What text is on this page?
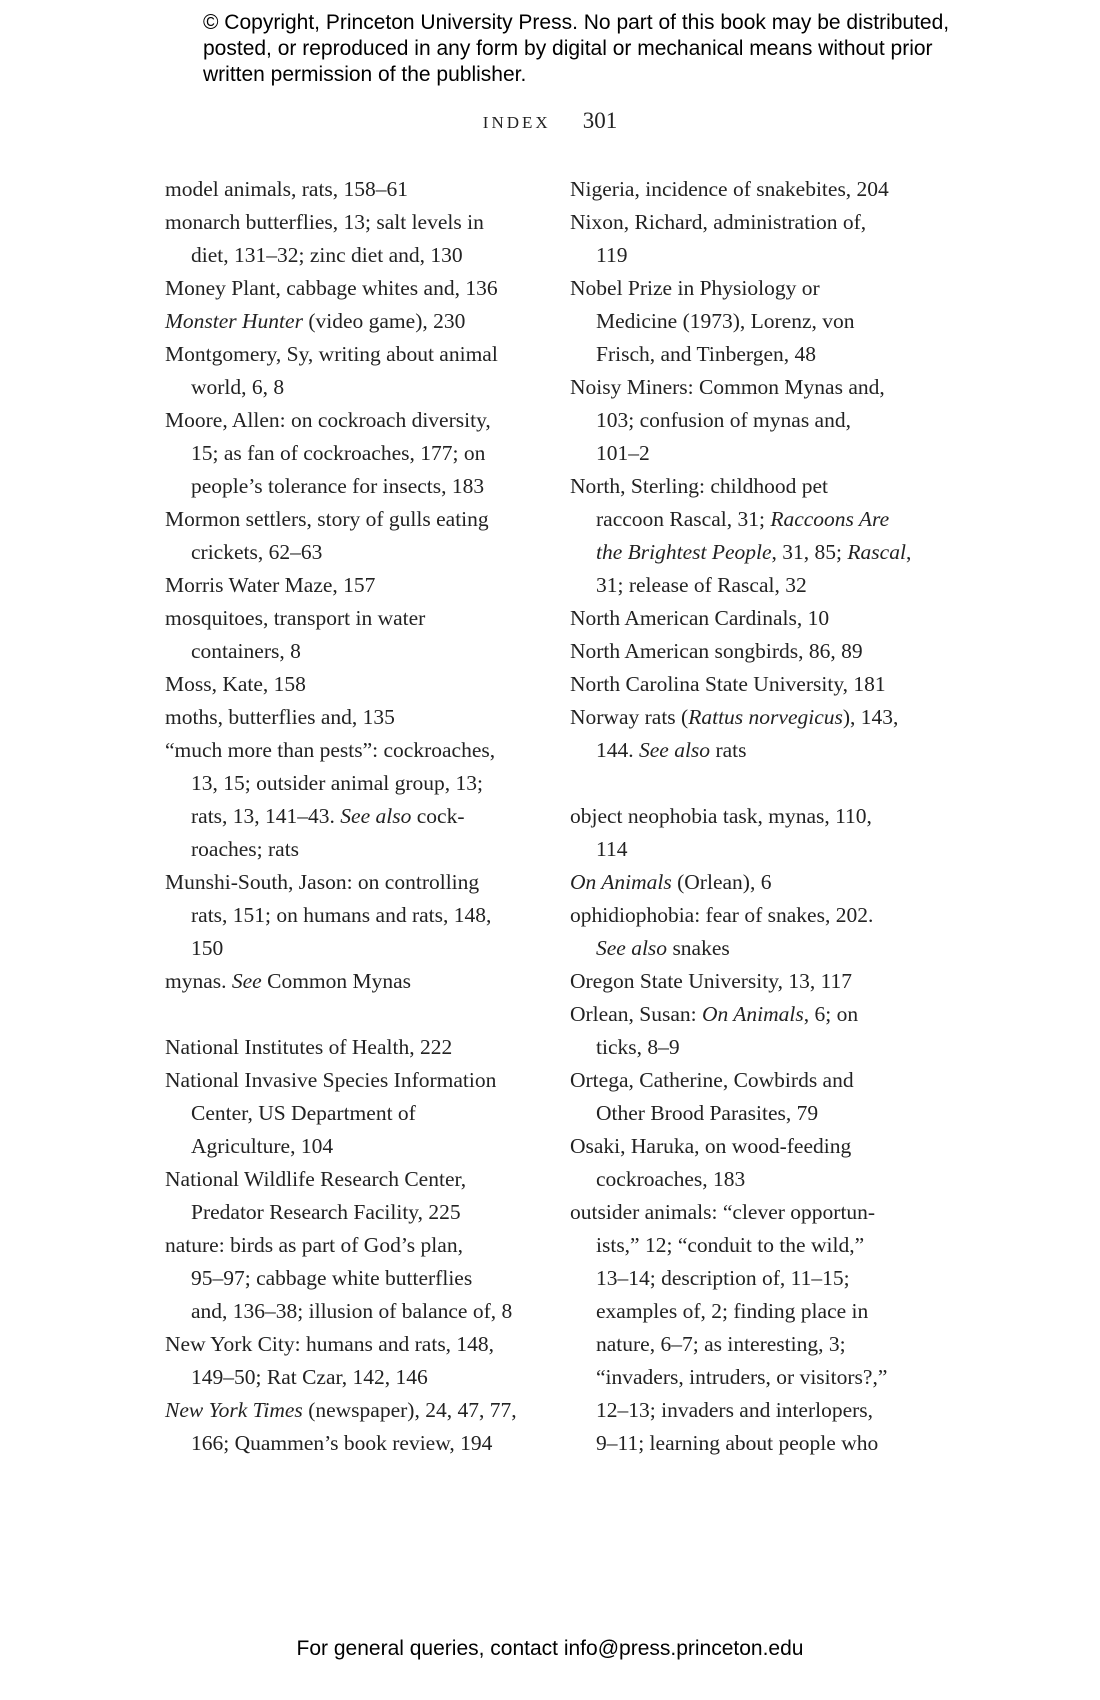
© Copyright, Princeton University Press. No part of this book may be distributed, posted, or reproduced in any form by digital or mechanical means without prior written permission of the publisher.
INDEX 301
model animals, rats, 158–61
monarch butterflies, 13; salt levels in
diet, 131–32; zinc diet and, 130
Money Plant, cabbage whites and, 136
Monster Hunter (video game), 230
Montgomery, Sy, writing about animal
world, 6, 8
Moore, Allen: on cockroach diversity,
15; as fan of cockroaches, 177; on
people’s tolerance for insects, 183
Mormon settlers, story of gulls eating
crickets, 62–63
Morris Water Maze, 157
mosquitoes, transport in water
containers, 8
Moss, Kate, 158
moths, butterflies and, 135
“much more than pests”: cockroaches,
13, 15; outsider animal group, 13;
rats, 13, 141–43. See also cock-
roaches; rats
Munshi-South, Jason: on controlling
rats, 151; on humans and rats, 148,
150
mynas. See Common Mynas
National Institutes of Health, 222
National Invasive Species Information
Center, US Department of
Agriculture, 104
National Wildlife Research Center,
Predator Research Facility, 225
nature: birds as part of God’s plan,
95–97; cabbage white butterflies
and, 136–38; illusion of balance of, 8
New York City: humans and rats, 148,
149–50; Rat Czar, 142, 146
New York Times (newspaper), 24, 47, 77,
166; Quammen’s book review, 194
Nigeria, incidence of snakebites, 204
Nixon, Richard, administration of,
119
Nobel Prize in Physiology or
Medicine (1973), Lorenz, von
Frisch, and Tinbergen, 48
Noisy Miners: Common Mynas and,
103; confusion of mynas and,
101–2
North, Sterling: childhood pet
raccoon Rascal, 31; Raccoons Are
the Brightest People, 31, 85; Rascal,
31; release of Rascal, 32
North American Cardinals, 10
North American songbirds, 86, 89
North Carolina State University, 181
Norway rats (Rattus norvegicus), 143,
144. See also rats
object neophobia task, mynas, 110,
114
On Animals (Orlean), 6
ophidiophobia: fear of snakes, 202.
See also snakes
Oregon State University, 13, 117
Orlean, Susan: On Animals, 6; on
ticks, 8–9
Ortega, Catherine, Cowbirds and
Other Brood Parasites, 79
Osaki, Haruka, on wood-feeding
cockroaches, 183
outsider animals: “clever opportun-
ists,” 12; “conduit to the wild,”
13–14; description of, 11–15;
examples of, 2; finding place in
nature, 6–7; as interesting, 3;
“invaders, intruders, or visitors?,”
12–13; invaders and interlopers,
9–11; learning about people who
For general queries, contact info@press.princeton.edu
